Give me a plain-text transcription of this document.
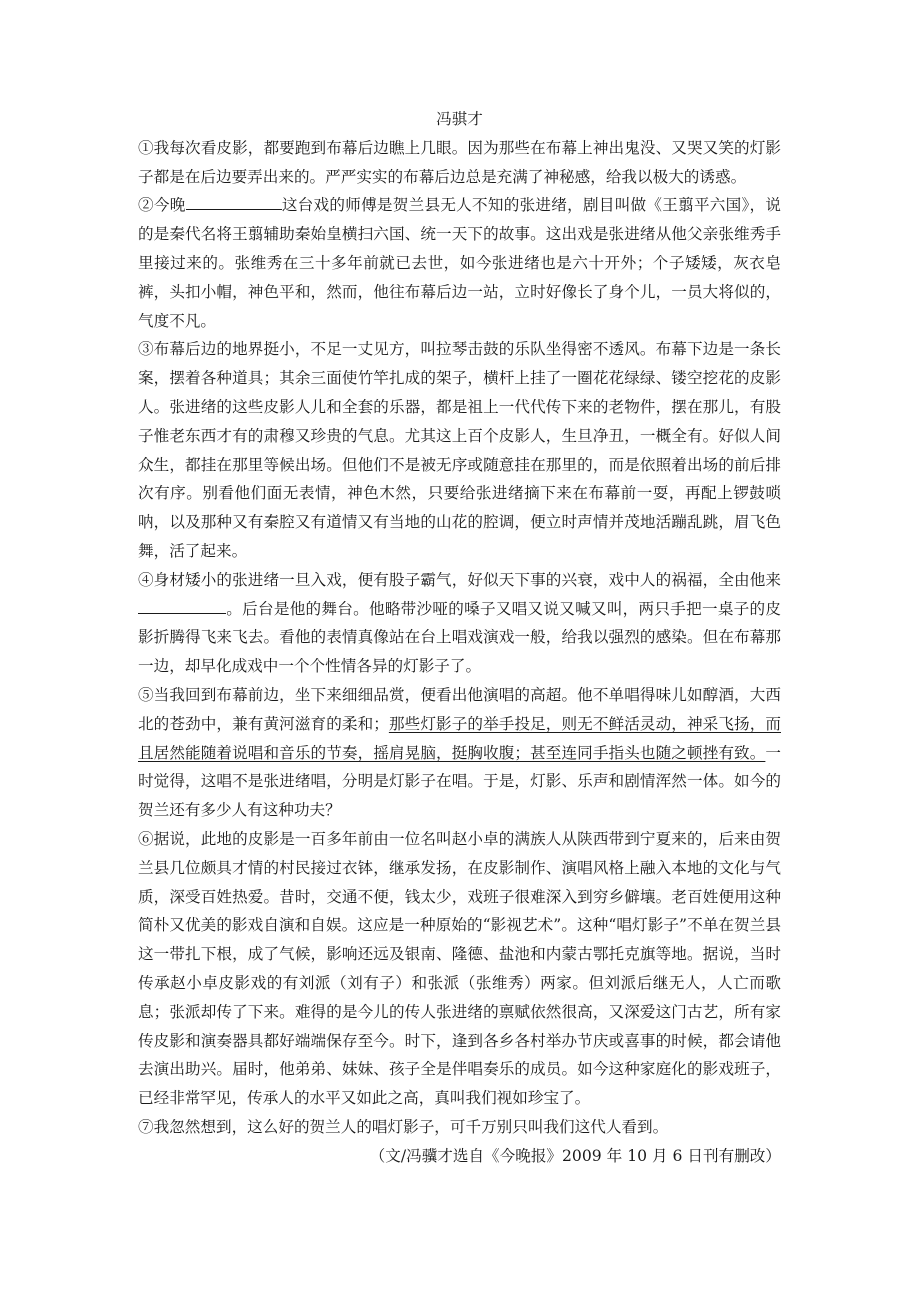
冯骐才

①我每次看皮影，都要跑到布幕后边瞧上几眼。因为那些在布幕上神出鬼没、又哭又笑的灯影子都是在后边要弄出来的。严严实实的布幕后边总是充满了神秘感，给我以极大的诱惑。

②今晚	这台戏的师傅是贺兰县无人不知的张进绪，剧目叫做《王翦平六国》，说的是秦代名将王翦辅助秦始皇横扫六国、统一天下的故事。这出戏是张进绪从他父亲张维秀手里接过来的。张维秀在三十多年前就已去世，如今张进绪也是六十开外；个子矮矮，灰衣皂裤，头扣小帽，神色平和，然而，他往布幕后边一站，立时好像长了身个儿，一员大将似的，气度不凡。

③布幕后边的地界挺小，不足一丈见方，叫拉琴击鼓的乐队坐得密不透风。布幕下边是一条长案，摆着各种道具；其余三面使竹竿扎成的架子，横杆上挂了一圈花花绿绿、镂空挖花的皮影人。张进绪的这些皮影人儿和全套的乐器，都是祖上一代代传下来的老物件，摆在那儿，有股子惟老东西才有的肃穆又珍贵的气息。尤其这上百个皮影人，生旦净丑，一概全有。好似人间众生，都挂在那里等候出场。但他们不是被无序或随意挂在那里的，而是依照着出场的前后排次有序。别看他们面无表情，神色木然，只要给张进绪摘下来在布幕前一耍，再配上锣鼓唢呐，以及那种又有秦腔又有道情又有当地的山花的腔调，便立时声情并茂地活蹦乱跳，眉飞色舞，活了起来。

④身材矮小的张进绪一旦入戏，便有股子霸气，好似天下事的兴衰，戏中人的祸福，全由他来。后台是他的舞台。他略带沙哑的嗓子又唱又说又喊又叫，两只手把一桌子的皮影折腾得飞来飞去。看他的表情真像站在台上唱戏演戏一般，给我以强烈的感染。但在布幕那一边，却早化成戏中一个个性情各异的灯影子了。

⑤当我回到布幕前边，坐下来细细品赏，便看出他演唱的高超。他不单唱得味儿如醇酒，大西北的苍劲中，兼有黄河滋育的柔和；那些灯影子的举手投足，则无不鲜活灵动，神采飞扬，而且居然能随着说唱和音乐的节奏，摇肩晃脑，挺胸收腹；甚至连同手指头也随之顿挫有致。一时觉得，这唱不是张进绪唱，分明是灯影子在唱。于是，灯影、乐声和剧情浑然一体。如今的贺兰还有多少人有这种功夫？

⑥据说，此地的皮影是一百多年前由一位名叫赵小卓的满族人从陕西带到宁夏来的，后来由贺兰县几位颇具才情的村民接过衣钵，继承发扬，在皮影制作、演唱风格上融入本地的文化与气质，深受百姓热爱。昔时，交通不便，钱太少，戏班子很难深入到穷乡僻壤。老百姓便用这种简朴又优美的影戏自演和自娱。这应是一种原始的“影视艺术”。这种“唱灯影子”不单在贺兰县这一带扎下根，成了气候，影响还远及银南、隆德、盐池和内蒙古鄂托克旗等地。据说，当时传承赵小卓皮影戏的有刘派（刘有子）和张派（张维秀）两家。但刘派后继无人，人亡而歌息；张派却传了下来。难得的是今儿的传人张进绪的禀赋依然很高，又深爱这门古艺，所有家传皮影和演奏器具都好端端保存至今。时下，逢到各乡各村举办节庆或喜事的时候，都会请他去演出助兴。届时，他弟弟、妹妹、孩子全是伴唱奏乐的成员。如今这种家庭化的影戏班子，已经非常罕见，传承人的水平又如此之高，真叫我们视如珍宝了。

⑦我忽然想到，这么好的贺兰人的唱灯影子，可千万别只叫我们这代人看到。

（文/冯骥才选自《今晚报》2009 年 10 月 6 日刊有删改）
